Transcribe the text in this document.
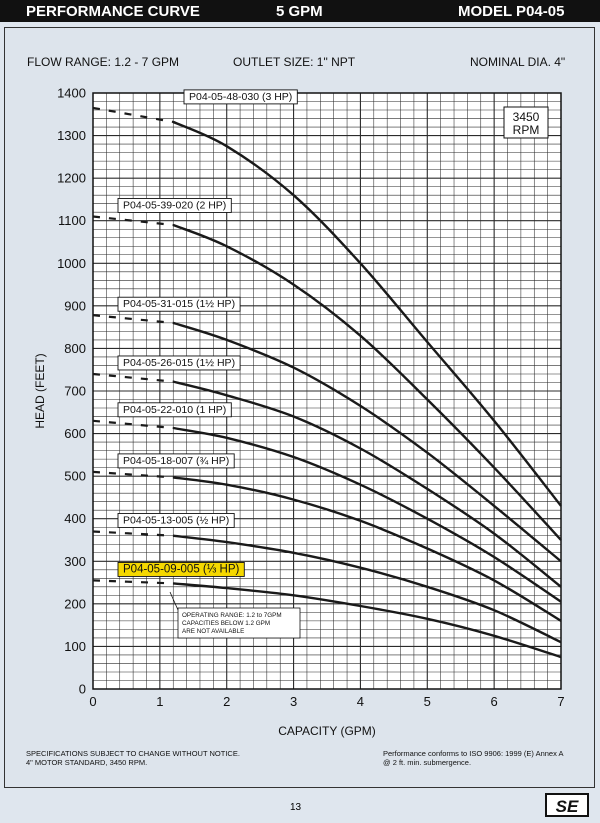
PERFORMANCE CURVE	5 GPM	MODEL P04-05
FLOW RANGE: 1.2 - 7 GPM	OUTLET SIZE: 1" NPT	NOMINAL DIA. 4"
0	1	2	3	4	5	6	7
0
100
200
300
400
500
600
700
800
900
1000
1100
1200
1300
1400
CAPACITY (GPM)
HEAD (FEET)
P04-05-48-030 (3 HP)
P04-05-39-020 (2 HP)
P04-05-31-015 (1½ HP)
P04-05-26-015 (1½ HP)
P04-05-22-010 (1 HP)
P04-05-18-007 (¾ HP)
P04-05-13-005 (½ HP)
P04-05-09-005 (⅓ HP)
3450
RPM
OPERATING RANGE: 1.2 to 7GPM
CAPACITIES BELOW 1.2 GPM
ARE NOT AVAILABLE
SPECIFICATIONS SUBJECT TO CHANGE WITHOUT NOTICE.
4" MOTOR STANDARD, 3450 RPM.
Performance conforms to ISO 9906: 1999 (E) Annex A
@ 2 ft. min. submergence.
13	SE
